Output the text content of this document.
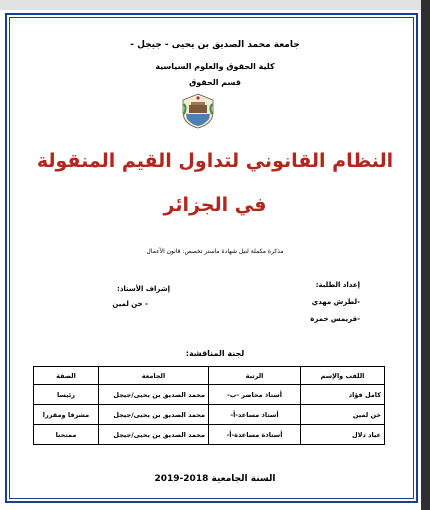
جامعة محمد الصديق بن يحيى - جيجل -
كلية الحقوق والعلوم السياسية
قسم الحقوق
النظام القانوني لتداول القيم المنقولة
في الجزائر
مذكرة مكملة لنيل شهادة ماستر تخصص: قانون الأعمال
إعداد الطلبة:
-لطرش مهدي
-قريمس حمزة
إشراف الأستاذ:
- خن لمين
لجنة المناقشة:
اللقب والإسم	الرتبة	الجامعة	الصفة
كامل فؤاد	أستاذ محاضر -ب-	محمد الصديق بن يحيى/جيجل	رئيسا
خن لمين	أستاذ مساعد-أ-	محمد الصديق بن يحيى/جيجل	مشرفا ومقررا
عياد دلال	أستاذة مساعدة-أ-	محمد الصديق بن يحيى/جيجل	ممتحنا
السنة الجامعية 2018-2019
